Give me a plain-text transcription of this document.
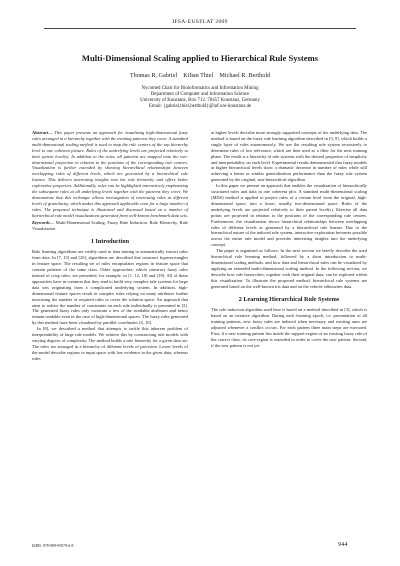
IFSA-EUSFLAT 2009
Multi-Dimensional Scaling applied to Hierarchical Rule Systems
Thomas R. Gabriel    Kilian Thiel    Michael R. Berthold
Nycomed Chair for Bioinformatics and Information Mining
Department of Computer and Information Science
University of Konstanz, Box 712, 78457 Konstanz, Germany
Email: {gabriel,thiel,berthold}@inf.uni-konstanz.de

Abstract— This paper presents an approach for visualizing high-dimensional fuzzy rules arranged in a hierarchy together with the training patterns they cover. A standard multi-dimensional scaling method is used to map the rule centers of the top hierarchy level to one coherent picture. Rules of the underlying levels are projected relatively to their parent level(s). In addition to the rules, all patterns are mapped onto the two-dimensional projection in relation to the positions of the corresponding rule centers. Visualization is further extended by showing hierarchical relationships between overlapping rules of different levels, which are generated by a hierarchical rule learner. This delivers interesting insights into the rule hierarchy and offers better explorative properties. Additionally, rules can be highlighted interactively emphasizing the subsequent rules at all underlying levels together with the patterns they cover. We demonstrate that this technique allows investigation of interesting rules at different levels of granularity, which makes this approach applicable even for a large number of rules. The proposed technique is illustrated and discussed based on a number of hierarchical rule model visualizations generated from well-known benchmark data sets.

Keywords— Multi-Dimensional Scaling, Fuzzy Rule Induction, Rule Hierarchy, Rule Visualization

1 Introduction

Rule learning algorithms are widely used in data mining to automatically extract rules from data. In [7, 15] and [20], algorithms are described that construct hyperrectangles in feature space. The resulting set of rules encapsulates regions in feature space that contain patterns of the same class. Other approaches, which construct fuzzy rules instead of crisp rules, are presented, for example, in [1, 12, 18] and [19]. All of these approaches have in common that they tend to build very complex rule systems for large data sets originating from a complicated underlying system. In addition, high-dimensional feature spaces result in complex rules relying on many attributes further increasing the number of required rules to cover the solution space. An approach that aims to reduce the number of constraints on each rule individually is presented in [3]. The generated fuzzy rules only constrain a few of the available attributes and hence remain readable even in the case of high-dimensional spaces. The fuzzy rules generated by this method have been visualized by parallel coordinates [4, 10].

In [8], we described a method that attempts to tackle this inherent problem of interpretability of large rule models. We achieve this by constructing rule models with varying degrees of complexity. The method builds a rule hierarchy for a given data set. The rules are arranged in a hierarchy of different levels of precision. Lower levels of the model describe regions in input space with low evidence in the given data, whereas rules

at higher levels describe more strongly supported concepts of the underlying data. The method is based on the fuzzy rule learning algorithm described in [3, 9], which builds a single layer of rules autonomously. We use the resulting rule system recursively to determine rules of low relevance, which are then used as a filter for the next training phase. The result is a hierarchy of rule systems with the desired properties of simplicity and interpretability on each level. Experimental results demonstrated that fuzzy models at higher hierarchical levels show a dramatic decrease in number of rules while still achieving a better or similar generalization performance than the fuzzy rule system generated by the original, non-hierarchical algorithm.

In this paper we present an approach that enables the visualization of hierarchically structured rules and data in one coherent plot. A standard multi-dimensional scaling (MDS) method is applied to project rules of a certain level from the original, high-dimensional space, into a lower, usually two-dimensional space. Rules of the underlying levels are projected relatively to their parent level(s), likewise all data points are projected in relation to the positions of the corresponding rule centers. Furthermore, the visualization shows hierarchical relationships between overlapping rules of different levels as generated by a hierarchical rule learner. Due to the hierarchical nature of the induced rule system, interactive exploration becomes possible across the entire rule model and provides interesting insights into the underlying concept.

The paper is organized as follows: In the next section we briefly describe the used hierarchical rule learning method, followed by a short introduction to multi-dimensional scaling methods, and how data and hierarchical rules can be visualized by applying an extended multi-dimensional scaling method. In the following section, we describe how rule hierarchies, together with their original data, can be explored within this visualization. To illustrate the proposed method, hierarchical rule systems are generated based on the well-known iris data and on the vehicle silhouettes data.

2 Learning Hierarchical Rule Systems

The rule induction algorithm used here is based on a method described in [3], which is based on an iterative algorithm. During each learning epoch, i.e. presentation of all training patterns, new fuzzy rules are induced when necessary and existing ones are adjusted whenever a conflict occurs. For each pattern three main steps are executed. First, if a new training pattern lies inside the support-region of an existing fuzzy rule of the correct class, its core-region is extended in order to cover the new pattern. Second, if the new pattern is not yet

ISBN: 978-989-95079-6-8	944
